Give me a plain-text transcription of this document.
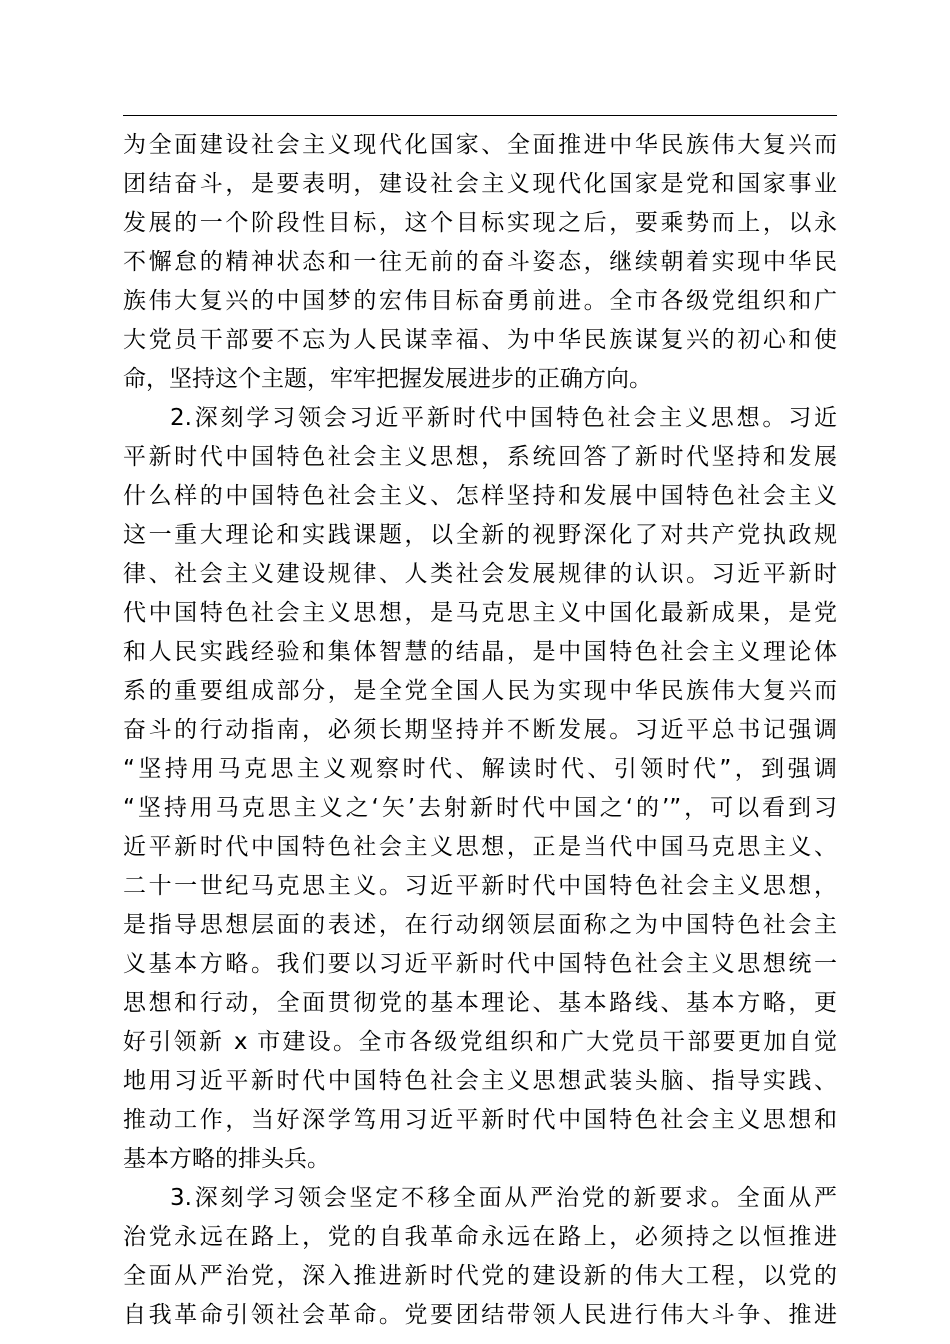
为全面建设社会主义现代化国家、全面推进中华民族伟大复兴而
团结奋斗，是要表明，建设社会主义现代化国家是党和国家事业
发展的一个阶段性目标，这个目标实现之后，要乘势而上，以永
不懈怠的精神状态和一往无前的奋斗姿态，继续朝着实现中华民
族伟大复兴的中国梦的宏伟目标奋勇前进。全市各级党组织和广
大党员干部要不忘为人民谋幸福、为中华民族谋复兴的初心和使
命，坚持这个主题，牢牢把握发展进步的正确方向。
2.深刻学习领会习近平新时代中国特色社会主义思想。习近
平新时代中国特色社会主义思想，系统回答了新时代坚持和发展
什么样的中国特色社会主义、怎样坚持和发展中国特色社会主义
这一重大理论和实践课题，以全新的视野深化了对共产党执政规
律、社会主义建设规律、人类社会发展规律的认识。习近平新时
代中国特色社会主义思想，是马克思主义中国化最新成果，是党
和人民实践经验和集体智慧的结晶，是中国特色社会主义理论体
系的重要组成部分，是全党全国人民为实现中华民族伟大复兴而
奋斗的行动指南，必须长期坚持并不断发展。习近平总书记强调
“坚持用马克思主义观察时代、解读时代、引领时代”，到强调
“坚持用马克思主义之‘矢’去射新时代中国之‘的’”，可以看到习
近平新时代中国特色社会主义思想，正是当代中国马克思主义、
二十一世纪马克思主义。习近平新时代中国特色社会主义思想，
是指导思想层面的表述，在行动纲领层面称之为中国特色社会主
义基本方略。我们要以习近平新时代中国特色社会主义思想统一
思想和行动，全面贯彻党的基本理论、基本路线、基本方略，更
好引领新 x 市建设。全市各级党组织和广大党员干部要更加自觉
地用习近平新时代中国特色社会主义思想武装头脑、指导实践、
推动工作，当好深学笃用习近平新时代中国特色社会主义思想和
基本方略的排头兵。
3.深刻学习领会坚定不移全面从严治党的新要求。全面从严
治党永远在路上，党的自我革命永远在路上，必须持之以恒推进
全面从严治党，深入推进新时代党的建设新的伟大工程，以党的
自我革命引领社会革命。党要团结带领人民进行伟大斗争、推进
